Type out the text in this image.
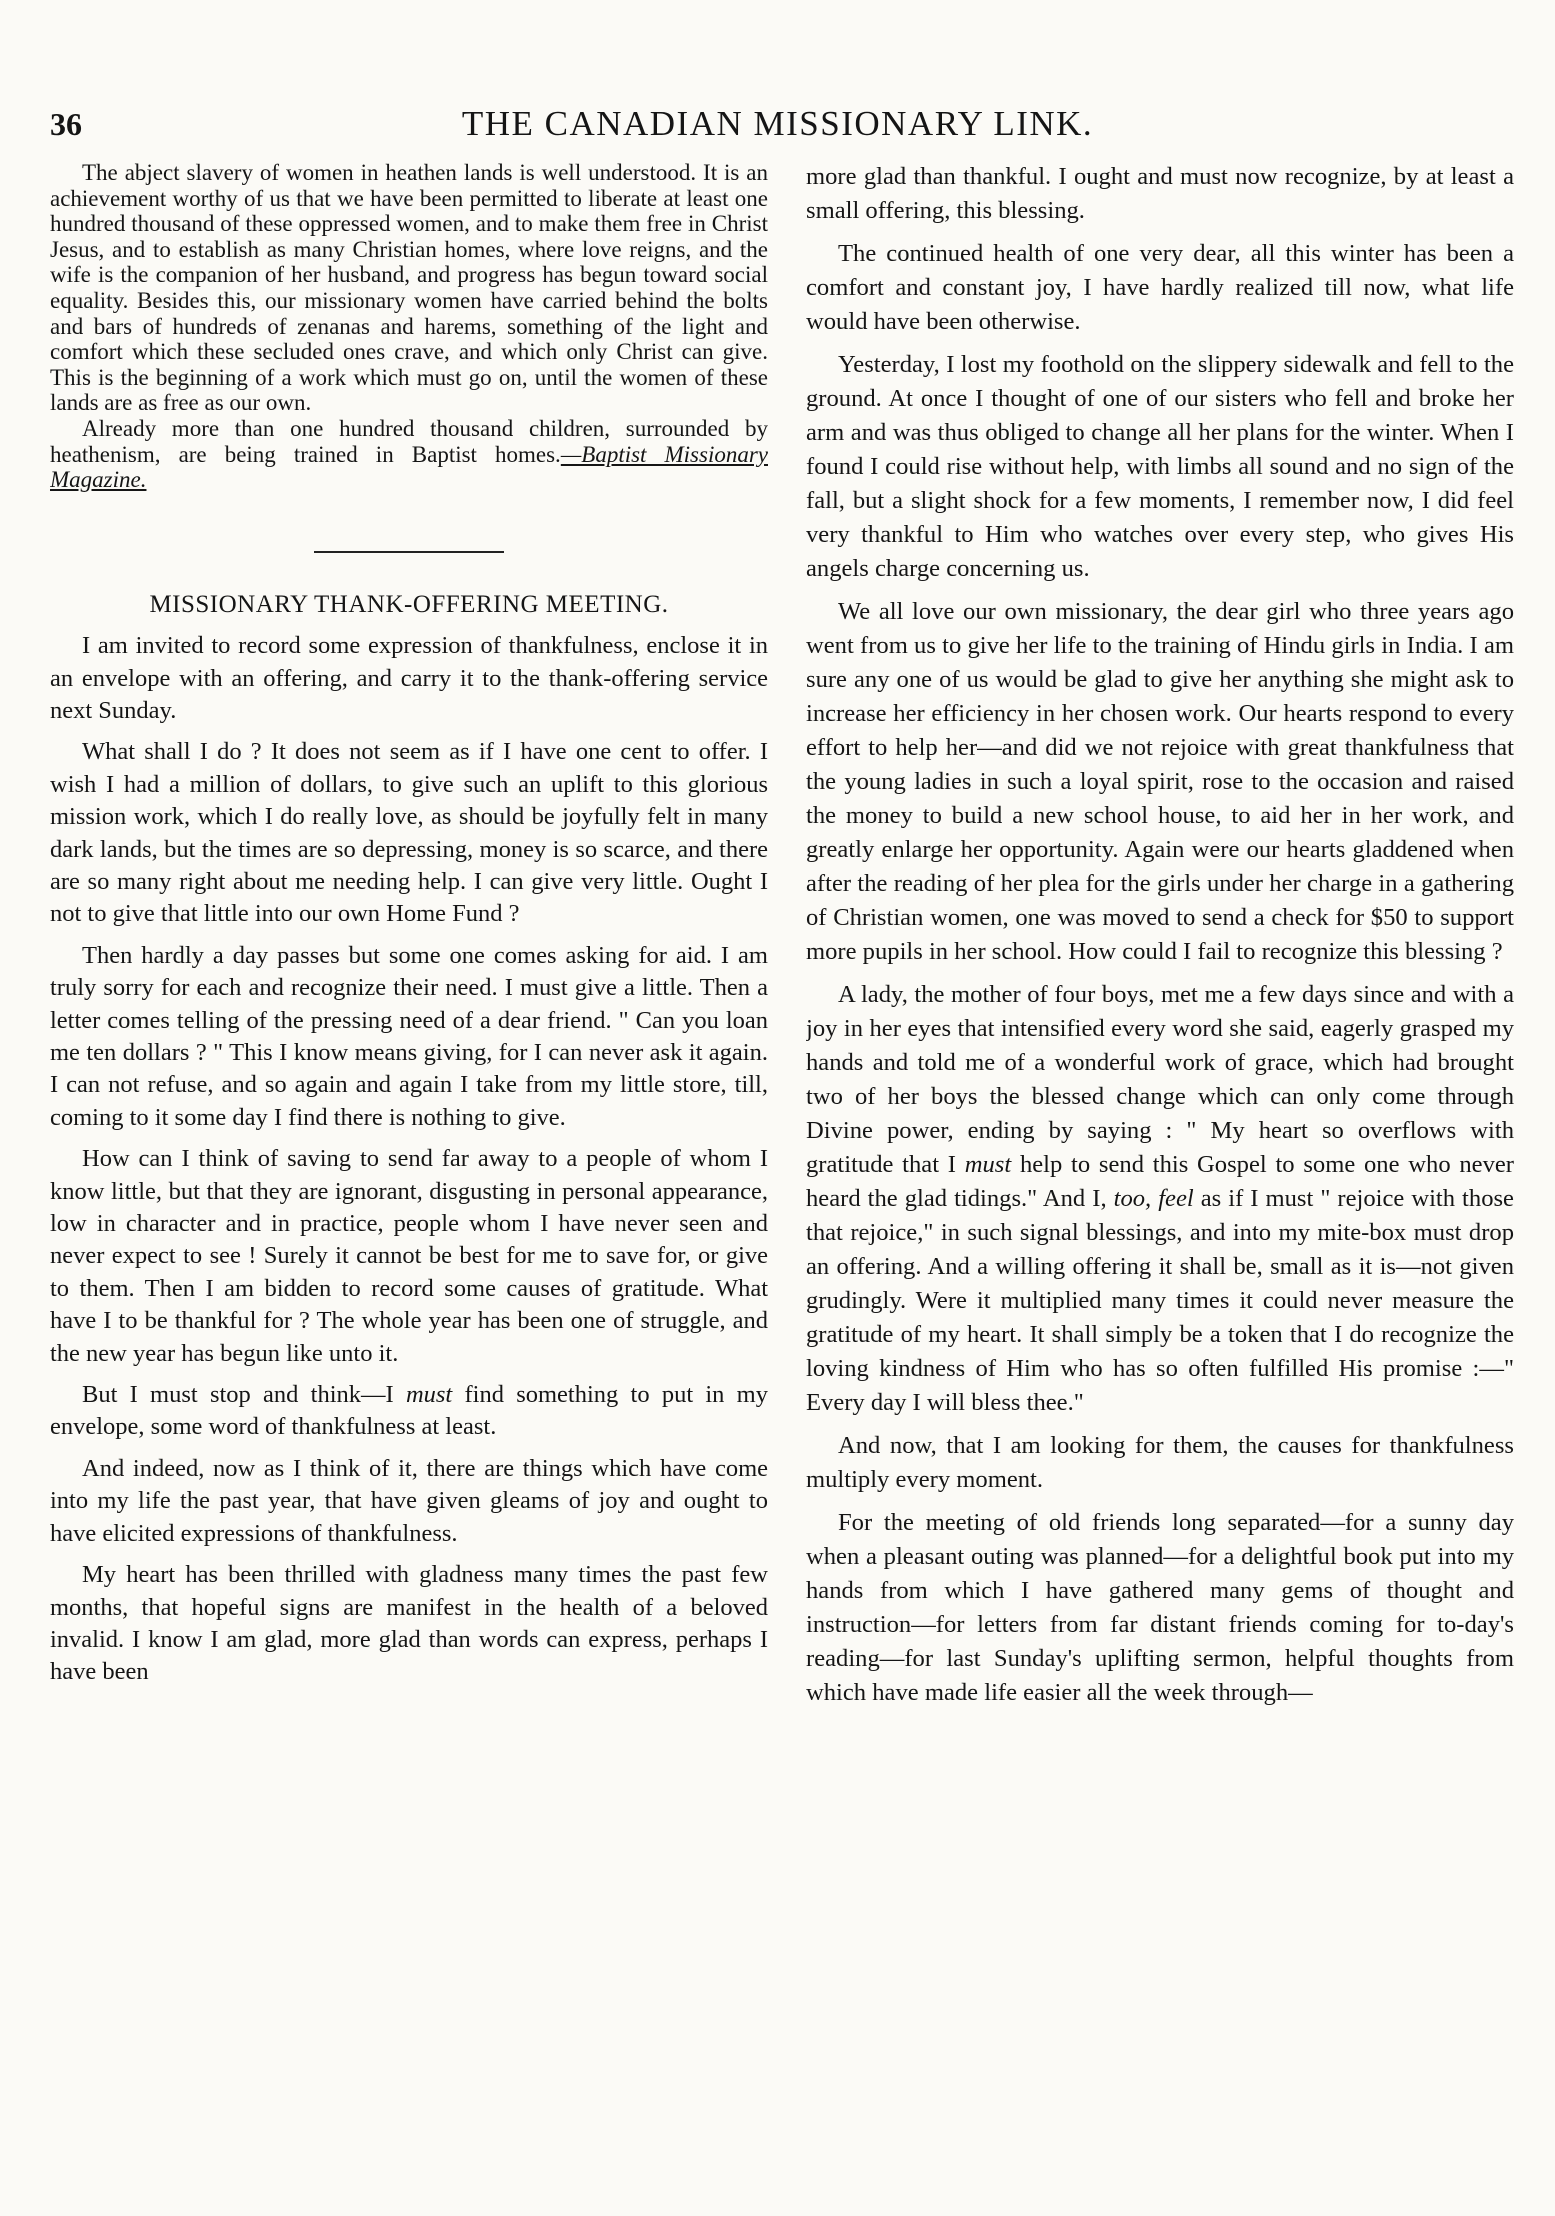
36	THE CANADIAN MISSIONARY LINK.

The abject slavery of women in heathen lands is well understood. It is an achievement worthy of us that we have been permitted to liberate at least one hundred thousand of these oppressed women, and to make them free in Christ Jesus, and to establish as many Christian homes, where love reigns, and the wife is the companion of her husband, and progress has begun toward social equality. Besides this, our missionary women have carried behind the bolts and bars of hundreds of zenanas and harems, something of the light and comfort which these secluded ones crave, and which only Christ can give. This is the beginning of a work which must go on, until the women of these lands are as free as our own.

Already more than one hundred thousand children, surrounded by heathenism, are being trained in Baptist homes.—Baptist Missionary Magazine.

MISSIONARY THANK-OFFERING MEETING.

I am invited to record some expression of thankfulness, enclose it in an envelope with an offering, and carry it to the thank-offering service next Sunday.

What shall I do ? It does not seem as if I have one cent to offer. I wish I had a million of dollars, to give such an uplift to this glorious mission work, which I do really love, as should be joyfully felt in many dark lands, but the times are so depressing, money is so scarce, and there are so many right about me needing help. I can give very little. Ought I not to give that little into our own Home Fund ?

Then hardly a day passes but some one comes asking for aid. I am truly sorry for each and recognize their need. I must give a little. Then a letter comes telling of the pressing need of a dear friend. " Can you loan me ten dollars ? " This I know means giving, for I can never ask it again. I can not refuse, and so again and again I take from my little store, till, coming to it some day I find there is nothing to give.

How can I think of saving to send far away to a people of whom I know little, but that they are ignorant, disgusting in personal appearance, low in character and in practice, people whom I have never seen and never expect to see ! Surely it cannot be best for me to save for, or give to them. Then I am bidden to record some causes of gratitude. What have I to be thankful for ? The whole year has been one of struggle, and the new year has begun like unto it.

But I must stop and think—I must find something to put in my envelope, some word of thankfulness at least.

And indeed, now as I think of it, there are things which have come into my life the past year, that have given gleams of joy and ought to have elicited expressions of thankfulness.

My heart has been thrilled with gladness many times the past few months, that hopeful signs are manifest in the health of a beloved invalid. I know I am glad, more glad than words can express, perhaps I have been

more glad than thankful. I ought and must now recognize, by at least a small offering, this blessing.

The continued health of one very dear, all this winter has been a comfort and constant joy, I have hardly realized till now, what life would have been otherwise.

Yesterday, I lost my foothold on the slippery sidewalk and fell to the ground. At once I thought of one of our sisters who fell and broke her arm and was thus obliged to change all her plans for the winter. When I found I could rise without help, with limbs all sound and no sign of the fall, but a slight shock for a few moments, I remember now, I did feel very thankful to Him who watches over every step, who gives His angels charge concerning us.

We all love our own missionary, the dear girl who three years ago went from us to give her life to the training of Hindu girls in India. I am sure any one of us would be glad to give her anything she might ask to increase her efficiency in her chosen work. Our hearts respond to every effort to help her—and did we not rejoice with great thankfulness that the young ladies in such a loyal spirit, rose to the occasion and raised the money to build a new school house, to aid her in her work, and greatly enlarge her opportunity. Again were our hearts gladdened when after the reading of her plea for the girls under her charge in a gathering of Christian women, one was moved to send a check for $50 to support more pupils in her school. How could I fail to recognize this blessing ?

A lady, the mother of four boys, met me a few days since and with a joy in her eyes that intensified every word she said, eagerly grasped my hands and told me of a wonderful work of grace, which had brought two of her boys the blessed change which can only come through Divine power, ending by saying : " My heart so overflows with gratitude that I must help to send this Gospel to some one who never heard the glad tidings." And I, too, feel as if I must " rejoice with those that rejoice," in such signal blessings, and into my mite-box must drop an offering. And a willing offering it shall be, small as it is—not given grudingly. Were it multiplied many times it could never measure the gratitude of my heart. It shall simply be a token that I do recognize the loving kindness of Him who has so often fulfilled His promise :—" Every day I will bless thee."

And now, that I am looking for them, the causes for thankfulness multiply every moment.

For the meeting of old friends long separated—for a sunny day when a pleasant outing was planned—for a delightful book put into my hands from which I have gathered many gems of thought and instruction—for letters from far distant friends coming for to-day's reading—for last Sunday's uplifting sermon, helpful thoughts from which have made life easier all the week through—
